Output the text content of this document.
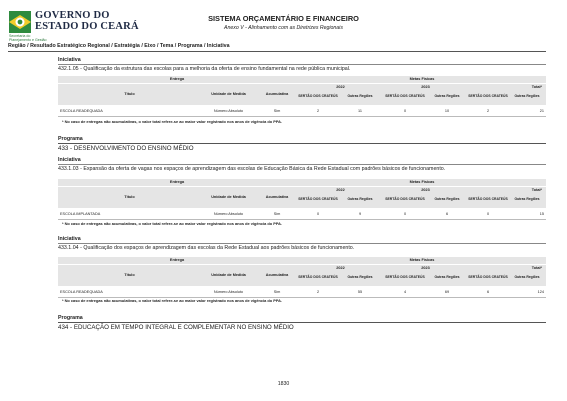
GOVERNO DO
ESTADO DO CEARÁ
Secretaria do Planejamento e Gestão
SISTEMA ORÇAMENTÁRIO E FINANCEIRO
Anexo V - Alinhamento com as Diretrizes Regionais
Região / Resultado Estratégico Regional / Estratégia / Eixo / Tema / Programa / Iniciativa
Iniciativa
432.1.05 - Qualificação da estrutura das escolas para a melhoria da oferta de ensino fundamental na rede pública municipal.
Entrega	Metas Físicas
Título	Unidade de Medida	Acumulativa
2022	2023	Total*
SERTÃO DOS CRATEÚS	Outras Regiões	SERTÃO DOS CRATEÚS	Outras Regiões	SERTÃO DOS CRATEÚS	Outras Regiões
ESCOLA READEQUADA	Número Absoluto	Sim	2	11	0	10	2	21
* No caso de entregas não acumulativas, o valor total refere-se ao maior valor registrado nos anos de vigência do PPA.
Programa
433 - DESENVOLVIMENTO DO ENSINO MÉDIO
Iniciativa
433.1.03 - Expansão da oferta de vagas nos espaços de aprendizagem das escolas de Educação Básica da Rede Estadual com padrões básicos de funcionamento.
Entrega	Metas Físicas
Título	Unidade de Medida	Acumulativa
2022	2023	Total*
SERTÃO DOS CRATEÚS	Outras Regiões	SERTÃO DOS CRATEÚS	Outras Regiões	SERTÃO DOS CRATEÚS	Outras Regiões
ESCOLA IMPLANTADA	Número Absoluto	Sim	0	9	0	6	0	15
* No caso de entregas não acumulativas, o valor total refere-se ao maior valor registrado nos anos de vigência do PPA.
Iniciativa
433.1.04 - Qualificação dos espaços de aprendizagem das escolas da Rede Estadual aos padrões básicos de funcionamento.
Entrega	Metas Físicas
Título	Unidade de Medida	Acumulativa
2022	2023	Total*
SERTÃO DOS CRATEÚS	Outras Regiões	SERTÃO DOS CRATEÚS	Outras Regiões	SERTÃO DOS CRATEÚS	Outras Regiões
ESCOLA READEQUADA	Número Absoluto	Sim	2	55	4	69	6	124
* No caso de entregas não acumulativas, o valor total refere-se ao maior valor registrado nos anos de vigência do PPA.
Programa
434 - EDUCAÇÃO EM TEMPO INTEGRAL E COMPLEMENTAR NO ENSINO MÉDIO
1830
